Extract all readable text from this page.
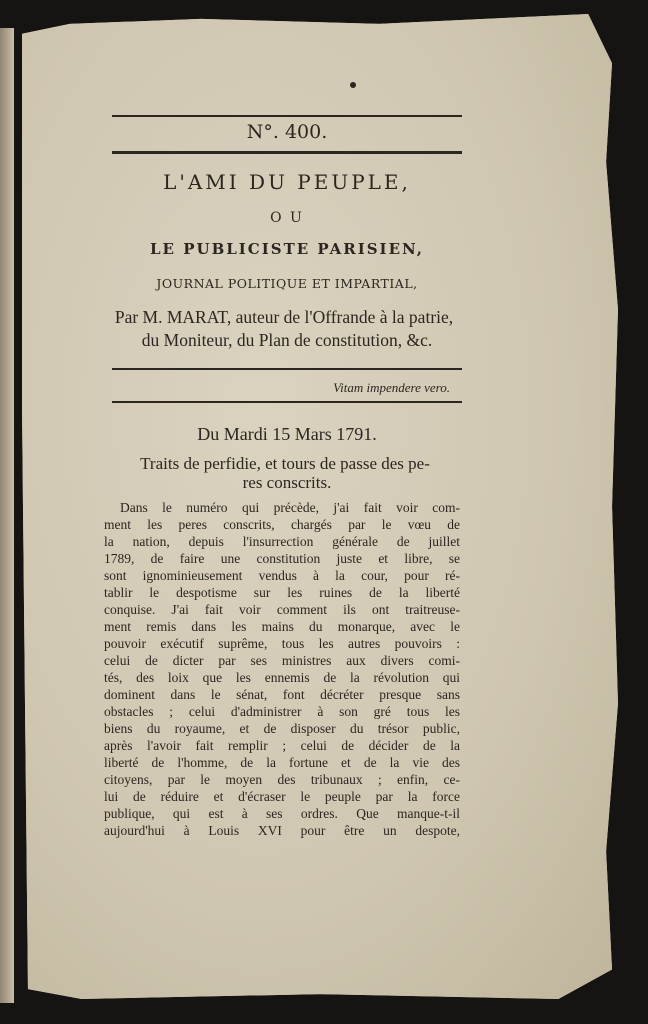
N°. 400.
L'AMI DU PEUPLE,
O U
LE PUBLICISTE PARISIEN,
JOURNAL POLITIQUE ET IMPARTIAL,
Par M. MARAT, auteur de l'Offrande à la patrie,
du Moniteur, du Plan de constitution, &c.
Vitam impendere vero.
Du Mardi 15 Mars 1791.
Traits de perfidie, et tours de passe des pe-
res conscrits.
Dans le numéro qui précède, j'ai fait voir com-
ment les peres conscrits, chargés par le vœu de
la nation, depuis l'insurrection générale de juillet
1789, de faire une constitution juste et libre, se
sont ignominieusement vendus à la cour, pour ré-
tablir le despotisme sur les ruines de la liberté
conquise. J'ai fait voir comment ils ont traitreuse-
ment remis dans les mains du monarque, avec le
pouvoir exécutif suprême, tous les autres pouvoirs :
celui de dicter par ses ministres aux divers comi-
tés, des loix que les ennemis de la révolution qui
dominent dans le sénat, font décréter presque sans
obstacles ; celui d'administrer à son gré tous les
biens du royaume, et de disposer du trésor public,
après l'avoir fait remplir ; celui de décider de la
liberté de l'homme, de la fortune et de la vie des
citoyens, par le moyen des tribunaux ; enfin, ce-
lui de réduire et d'écraser le peuple par la force
publique, qui est à ses ordres. Que manque-t-il
aujourd'hui à Louis XVI pour être un despote,
